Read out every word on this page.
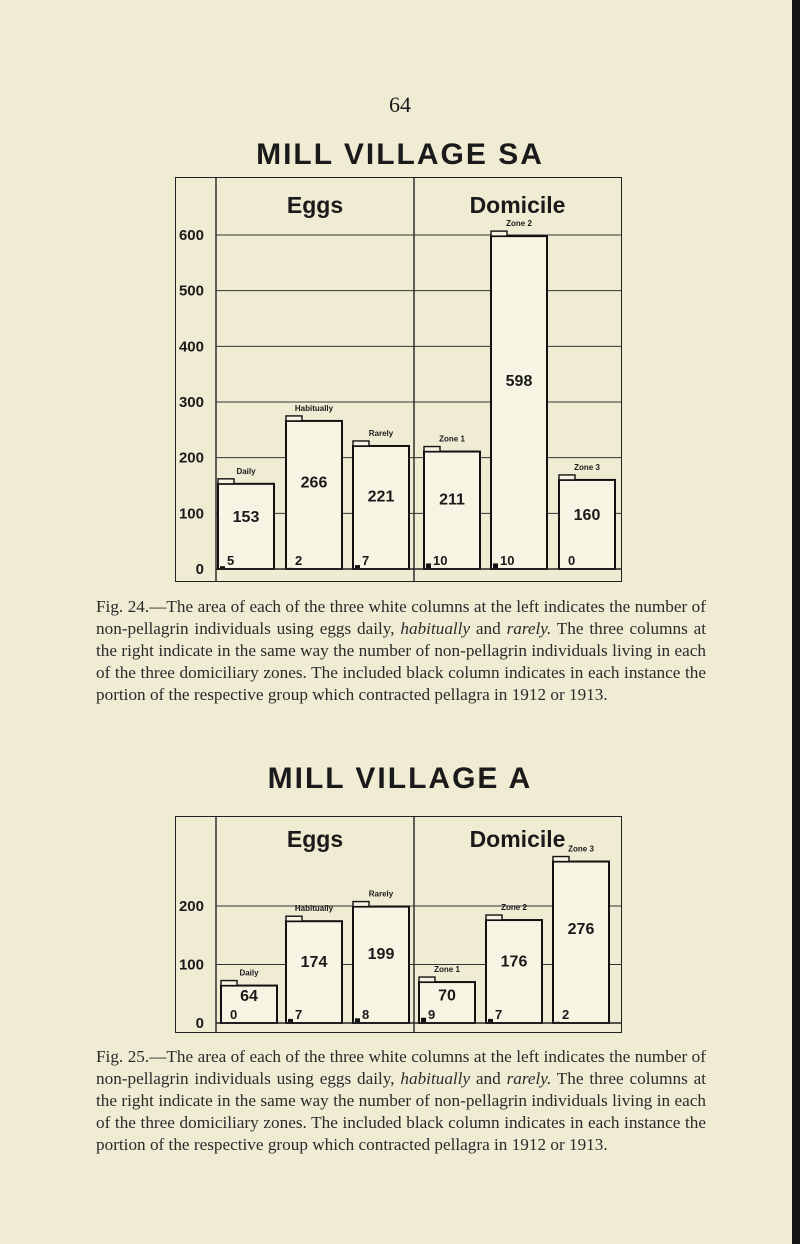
64
MILL VILLAGE SA
0
100
200
300
400
500
600
Eggs	Domicile
Daily
153
5
Habitually
266
2
Rarely
221
7
Zone 1
211
10
Zone 2
598
10
Zone 3
160
0

Fig. 24.—The area of each of the three white columns at the left indicates the number of non-pellagrin individuals using eggs daily, habitually and rarely. The three columns at the right indicate in the same way the number of non-pellagrin individuals living in each of the three domiciliary zones. The included black column indicates in each instance the portion of the respective group which contracted pellagra in 1912 or 1913.

MILL VILLAGE A
0
100
200
Eggs	Domicile
Daily
64
0
Habitually
174
7
Rarely
199
8
Zone 1
70
9
Zone 2
176
7
Zone 3
276
2

Fig. 25.—The area of each of the three white columns at the left indicates the number of non-pellagrin individuals using eggs daily, habitually and rarely. The three columns at the right indicate in the same way the number of non-pellagrin individuals living in each of the three domiciliary zones. The included black column indicates in each instance the portion of the respective group which contracted pellagra in 1912 or 1913.
